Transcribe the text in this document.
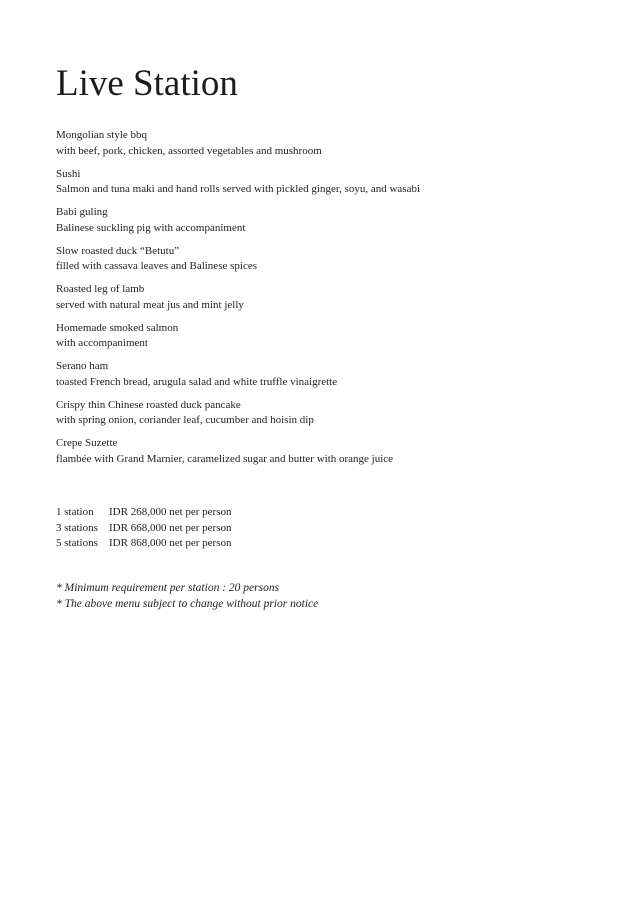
Live Station
Mongolian style bbq
with beef, pork, chicken, assorted vegetables and mushroom
Sushi
Salmon and tuna maki and hand rolls served with pickled ginger, soyu, and wasabi
Babi guling
Balinese suckling pig with accompaniment
Slow roasted duck “Betutu”
filled with cassava leaves and Balinese spices
Roasted leg of lamb
served with natural meat jus and mint jelly
Homemade smoked salmon
with accompaniment
Serano ham
toasted French bread, arugula salad and white truffle vinaigrette
Crispy thin Chinese roasted duck pancake
with spring onion, coriander leaf, cucumber and hoisin dip
Crepe Suzette
flambée with Grand Marnier, caramelized sugar and butter with orange juice
1 station	IDR 268,000 net per person
3 stations	IDR 668,000 net per person
5 stations	IDR 868,000 net per person
* Minimum requirement per station : 20 persons
* The above menu subject to change without prior notice
